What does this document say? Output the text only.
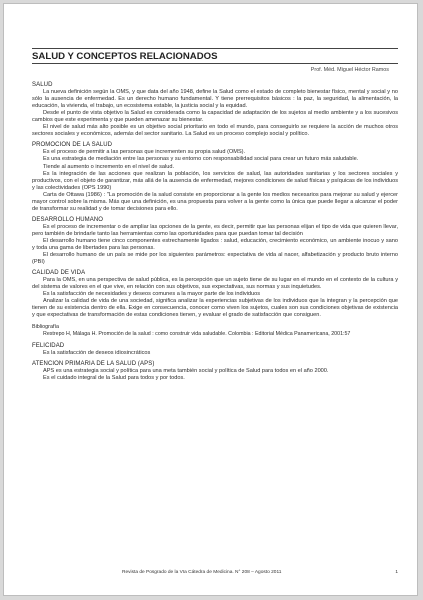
SALUD Y CONCEPTOS RELACIONADOS
Prof. Méd. Miguel Héctor Ramos
SALUD

La nueva definición según la OMS, y que data del año 1948, define la Salud como el estado de completo bienestar físico, mental y social y no sólo la ausencia de enfermedad. Es un derecho humano fundamental. Y tiene prerrequisitos básicos : la paz, la seguridad, la alimentación, la educación, la vivienda, el trabajo, un ecosistema estable, la justicia social y la equidad.

Desde el punto de vista objetivo la Salud es considerada como la capacidad de adaptación de los sujetos al medio ambiente y a los sucesivos cambios que este experimenta y que pueden amenazar su bienestar.

El nivel de salud más alto posible es un objetivo social prioritario en todo el mundo, para conseguirlo se requiere la acción de muchos otros sectores sociales y económicos, además del sector sanitario. La Salud es un proceso complejo social y político.

PROMOCION DE LA SALUD

Es el proceso de permitir a las personas que incrementen su propia salud (OMS).

Es una estrategia de mediación entre las personas y su entorno con responsabilidad social para crear un futuro más saludable.

Tiende al aumento o incremento en el nivel de salud.

Es la integración de las acciones que realizan la población, los servicios de salud, las autoridades sanitarias y los sectores sociales y productivos, con el objeto de garantizar, más allá de la ausencia de enfermedad, mejores condiciones de salud físicas y psíquicas de los individuos y las colectividades (OPS 1990)

Carta de Ottawa (1986) : "La promoción de la salud consiste en proporcionar a la gente los medios necesarios para mejorar su salud y ejercer mayor control sobre la misma. Más que una definición, es una propuesta para volver a la gente como la única que puede llegar a alcanzar el poder de transformar su realidad y de tomar decisiones para ello.

DESARROLLO HUMANO

Es el proceso de incrementar o de ampliar las opciones de la gente, es decir, permitir que las personas elijan el tipo de vida que quieren llevar, pero también de brindarle tanto las herramientas como las oportunidades para que puedan tomar tal decisión

El desarrollo humano tiene cinco componentes estrechamente ligados : salud, educación, crecimiento económico, un ambiente inocuo y sano y toda una gama de libertades para las personas.

El desarrollo humano de un país se mide por los siguientes parámetros: expectativa de vida al nacer, alfabetización y producto bruto interno (PBI)

CALIDAD DE VIDA

Para la OMS, en una perspectiva de salud pública, es la percepción que un sujeto tiene de su lugar en el mundo en el contexto de la cultura y del sistema de valores en el que vive, en relación con sus objetivos, sus expectativas, sus normas y sus inquietudes.

Es la satisfacción de necesidades y deseos comunes a la mayor parte de los individuos

Analizar la calidad de vida de una sociedad, significa analizar la experiencias subjetivas de los individuos que la integran y la percepción que tienen de su existencia dentro de ella. Exige en consecuencia, conocer como viven los sujetos, cuales son sus condiciones objetivas de existencia y que expectativas de transformación de estas condiciones tienen, y evaluar el grado de satisfacción que consiguen.

Bibliografía

Restrepo H, Málaga H. Promoción de la salud : como construir vida saludable. Colombia : Editorial Médica Panamericana, 2001:57

FELICIDAD

Es la satisfacción de deseos idiosincráticos

ATENCION PRIMARIA DE LA SALUD (APS)

APS es una estrategia social y política para una meta también social y política de Salud para todos en el año 2000.

Es el cuidado integral de la Salud para todos y por todos.

Revista de Posgrado de la VIa Cátedra de Medicina. N° 208 – Agosto 2011	1
